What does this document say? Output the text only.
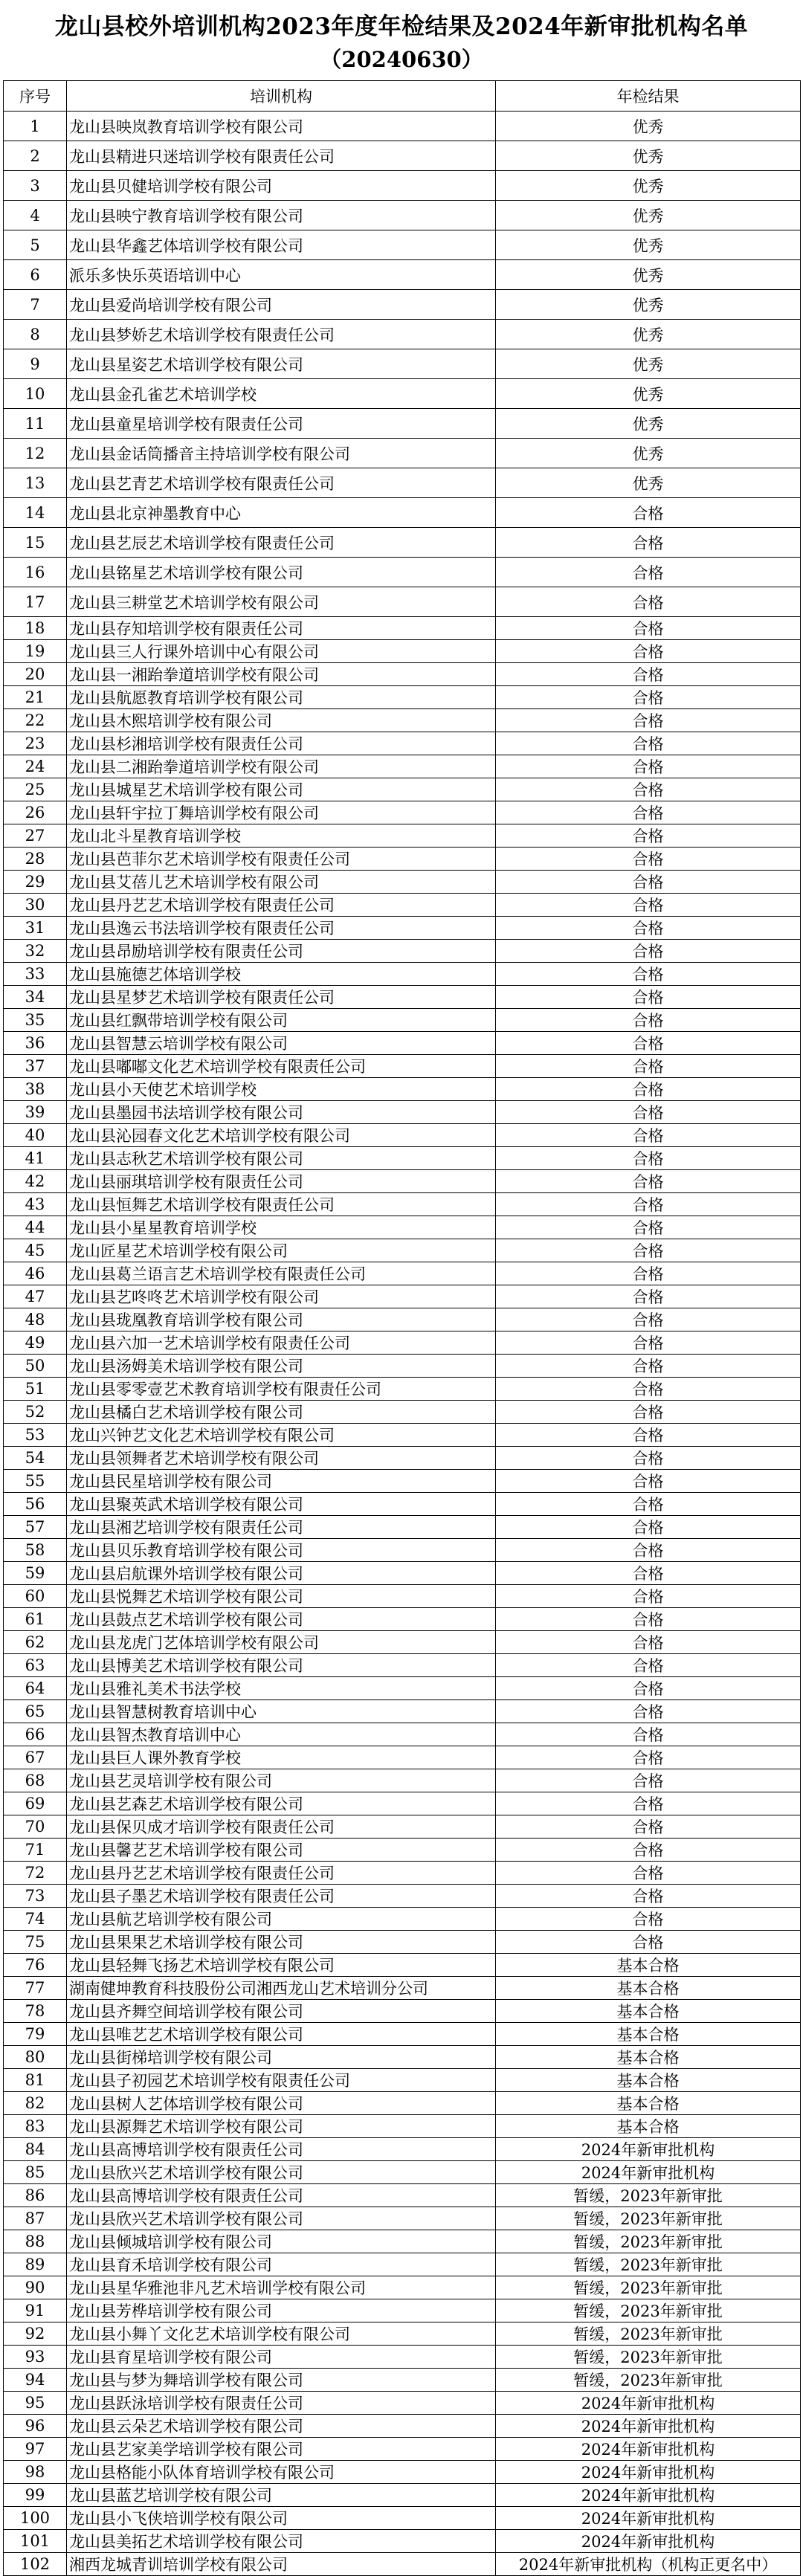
龙山县校外培训机构2023年度年检结果及2024年新审批机构名单
（20240630）
序号	培训机构	年检结果
1	龙山县映岚教育培训学校有限公司	优秀
2	龙山县精进只迷培训学校有限责任公司	优秀
3	龙山县贝健培训学校有限公司	优秀
4	龙山县映宁教育培训学校有限公司	优秀
5	龙山县华鑫艺体培训学校有限公司	优秀
6	派乐多快乐英语培训中心	优秀
7	龙山县爱尚培训学校有限公司	优秀
8	龙山县梦娇艺术培训学校有限责任公司	优秀
9	龙山县星姿艺术培训学校有限公司	优秀
10	龙山县金孔雀艺术培训学校	优秀
11	龙山县童星培训学校有限责任公司	优秀
12	龙山县金话筒播音主持培训学校有限公司	优秀
13	龙山县艺青艺术培训学校有限责任公司	优秀
14	龙山县北京神墨教育中心	合格
15	龙山县艺辰艺术培训学校有限责任公司	合格
16	龙山县铭星艺术培训学校有限公司	合格
17	龙山县三耕堂艺术培训学校有限公司	合格
18	龙山县存知培训学校有限责任公司	合格
19	龙山县三人行课外培训中心有限公司	合格
20	龙山县一湘跆拳道培训学校有限公司	合格
21	龙山县航愿教育培训学校有限公司	合格
22	龙山县木熙培训学校有限公司	合格
23	龙山县杉湘培训学校有限责任公司	合格
24	龙山县二湘跆拳道培训学校有限公司	合格
25	龙山县城星艺术培训学校有限公司	合格
26	龙山县轩宇拉丁舞培训学校有限公司	合格
27	龙山北斗星教育培训学校	合格
28	龙山县芭菲尔艺术培训学校有限责任公司	合格
29	龙山县艾蓓儿艺术培训学校有限公司	合格
30	龙山县丹艺艺术培训学校有限责任公司	合格
31	龙山县逸云书法培训学校有限责任公司	合格
32	龙山县昂励培训学校有限责任公司	合格
33	龙山县施德艺体培训学校	合格
34	龙山县星梦艺术培训学校有限责任公司	合格
35	龙山县红飘带培训学校有限公司	合格
36	龙山县智慧云培训学校有限公司	合格
37	龙山县嘟嘟文化艺术培训学校有限责任公司	合格
38	龙山县小天使艺术培训学校	合格
39	龙山县墨园书法培训学校有限公司	合格
40	龙山县沁园春文化艺术培训学校有限公司	合格
41	龙山县志秋艺术培训学校有限公司	合格
42	龙山县丽琪培训学校有限责任公司	合格
43	龙山县恒舞艺术培训学校有限责任公司	合格
44	龙山县小星星教育培训学校	合格
45	龙山匠星艺术培训学校有限公司	合格
46	龙山县葛兰语言艺术培训学校有限责任公司	合格
47	龙山县艺咚咚艺术培训学校有限公司	合格
48	龙山县珑凰教育培训学校有限公司	合格
49	龙山县六加一艺术培训学校有限责任公司	合格
50	龙山县汤姆美术培训学校有限公司	合格
51	龙山县零零壹艺术教育培训学校有限责任公司	合格
52	龙山县橘白艺术培训学校有限公司	合格
53	龙山兴钟艺文化艺术培训学校有限公司	合格
54	龙山县领舞者艺术培训学校有限公司	合格
55	龙山县民星培训学校有限公司	合格
56	龙山县聚英武术培训学校有限公司	合格
57	龙山县湘艺培训学校有限责任公司	合格
58	龙山县贝乐教育培训学校有限公司	合格
59	龙山县启航课外培训学校有限公司	合格
60	龙山县悦舞艺术培训学校有限公司	合格
61	龙山县鼓点艺术培训学校有限公司	合格
62	龙山县龙虎门艺体培训学校有限公司	合格
63	龙山县博美艺术培训学校有限公司	合格
64	龙山县雅礼美术书法学校	合格
65	龙山县智慧树教育培训中心	合格
66	龙山县智杰教育培训中心	合格
67	龙山县巨人课外教育学校	合格
68	龙山县艺灵培训学校有限公司	合格
69	龙山县艺森艺术培训学校有限公司	合格
70	龙山县保贝成才培训学校有限责任公司	合格
71	龙山县馨艺艺术培训学校有限公司	合格
72	龙山县丹艺艺术培训学校有限责任公司	合格
73	龙山县子墨艺术培训学校有限责任公司	合格
74	龙山县航艺培训学校有限公司	合格
75	龙山县果果艺术培训学校有限公司	合格
76	龙山县轻舞飞扬艺术培训学校有限公司	基本合格
77	湖南健坤教育科技股份公司湘西龙山艺术培训分公司	基本合格
78	龙山县齐舞空间培训学校有限公司	基本合格
79	龙山县唯艺艺术培训学校有限公司	基本合格
80	龙山县街梯培训学校有限公司	基本合格
81	龙山县子初园艺术培训学校有限责任公司	基本合格
82	龙山县树人艺体培训学校有限公司	基本合格
83	龙山县源舞艺术培训学校有限公司	基本合格
84	龙山县高博培训学校有限责任公司	2024年新审批机构
85	龙山县欣兴艺术培训学校有限公司	2024年新审批机构
86	龙山县高博培训学校有限责任公司	暂缓，2023年新审批
87	龙山县欣兴艺术培训学校有限公司	暂缓，2023年新审批
88	龙山县倾城培训学校有限公司	暂缓，2023年新审批
89	龙山县育禾培训学校有限公司	暂缓，2023年新审批
90	龙山县星华雅池非凡艺术培训学校有限公司	暂缓，2023年新审批
91	龙山县芳桦培训学校有限公司	暂缓，2023年新审批
92	龙山县小舞丫文化艺术培训学校有限公司	暂缓，2023年新审批
93	龙山县育星培训学校有限公司	暂缓，2023年新审批
94	龙山县与梦为舞培训学校有限公司	暂缓，2023年新审批
95	龙山县跃泳培训学校有限责任公司	2024年新审批机构
96	龙山县云朵艺术培训学校有限公司	2024年新审批机构
97	龙山县艺家美学培训学校有限公司	2024年新审批机构
98	龙山县格能小队体育培训学校有限公司	2024年新审批机构
99	龙山县蓝艺培训学校有限公司	2024年新审批机构
100	龙山县小飞侠培训学校有限公司	2024年新审批机构
101	龙山县美拓艺术培训学校有限公司	2024年新审批机构
102	湘西龙城青训培训学校有限公司	2024年新审批机构（机构正更名中）
